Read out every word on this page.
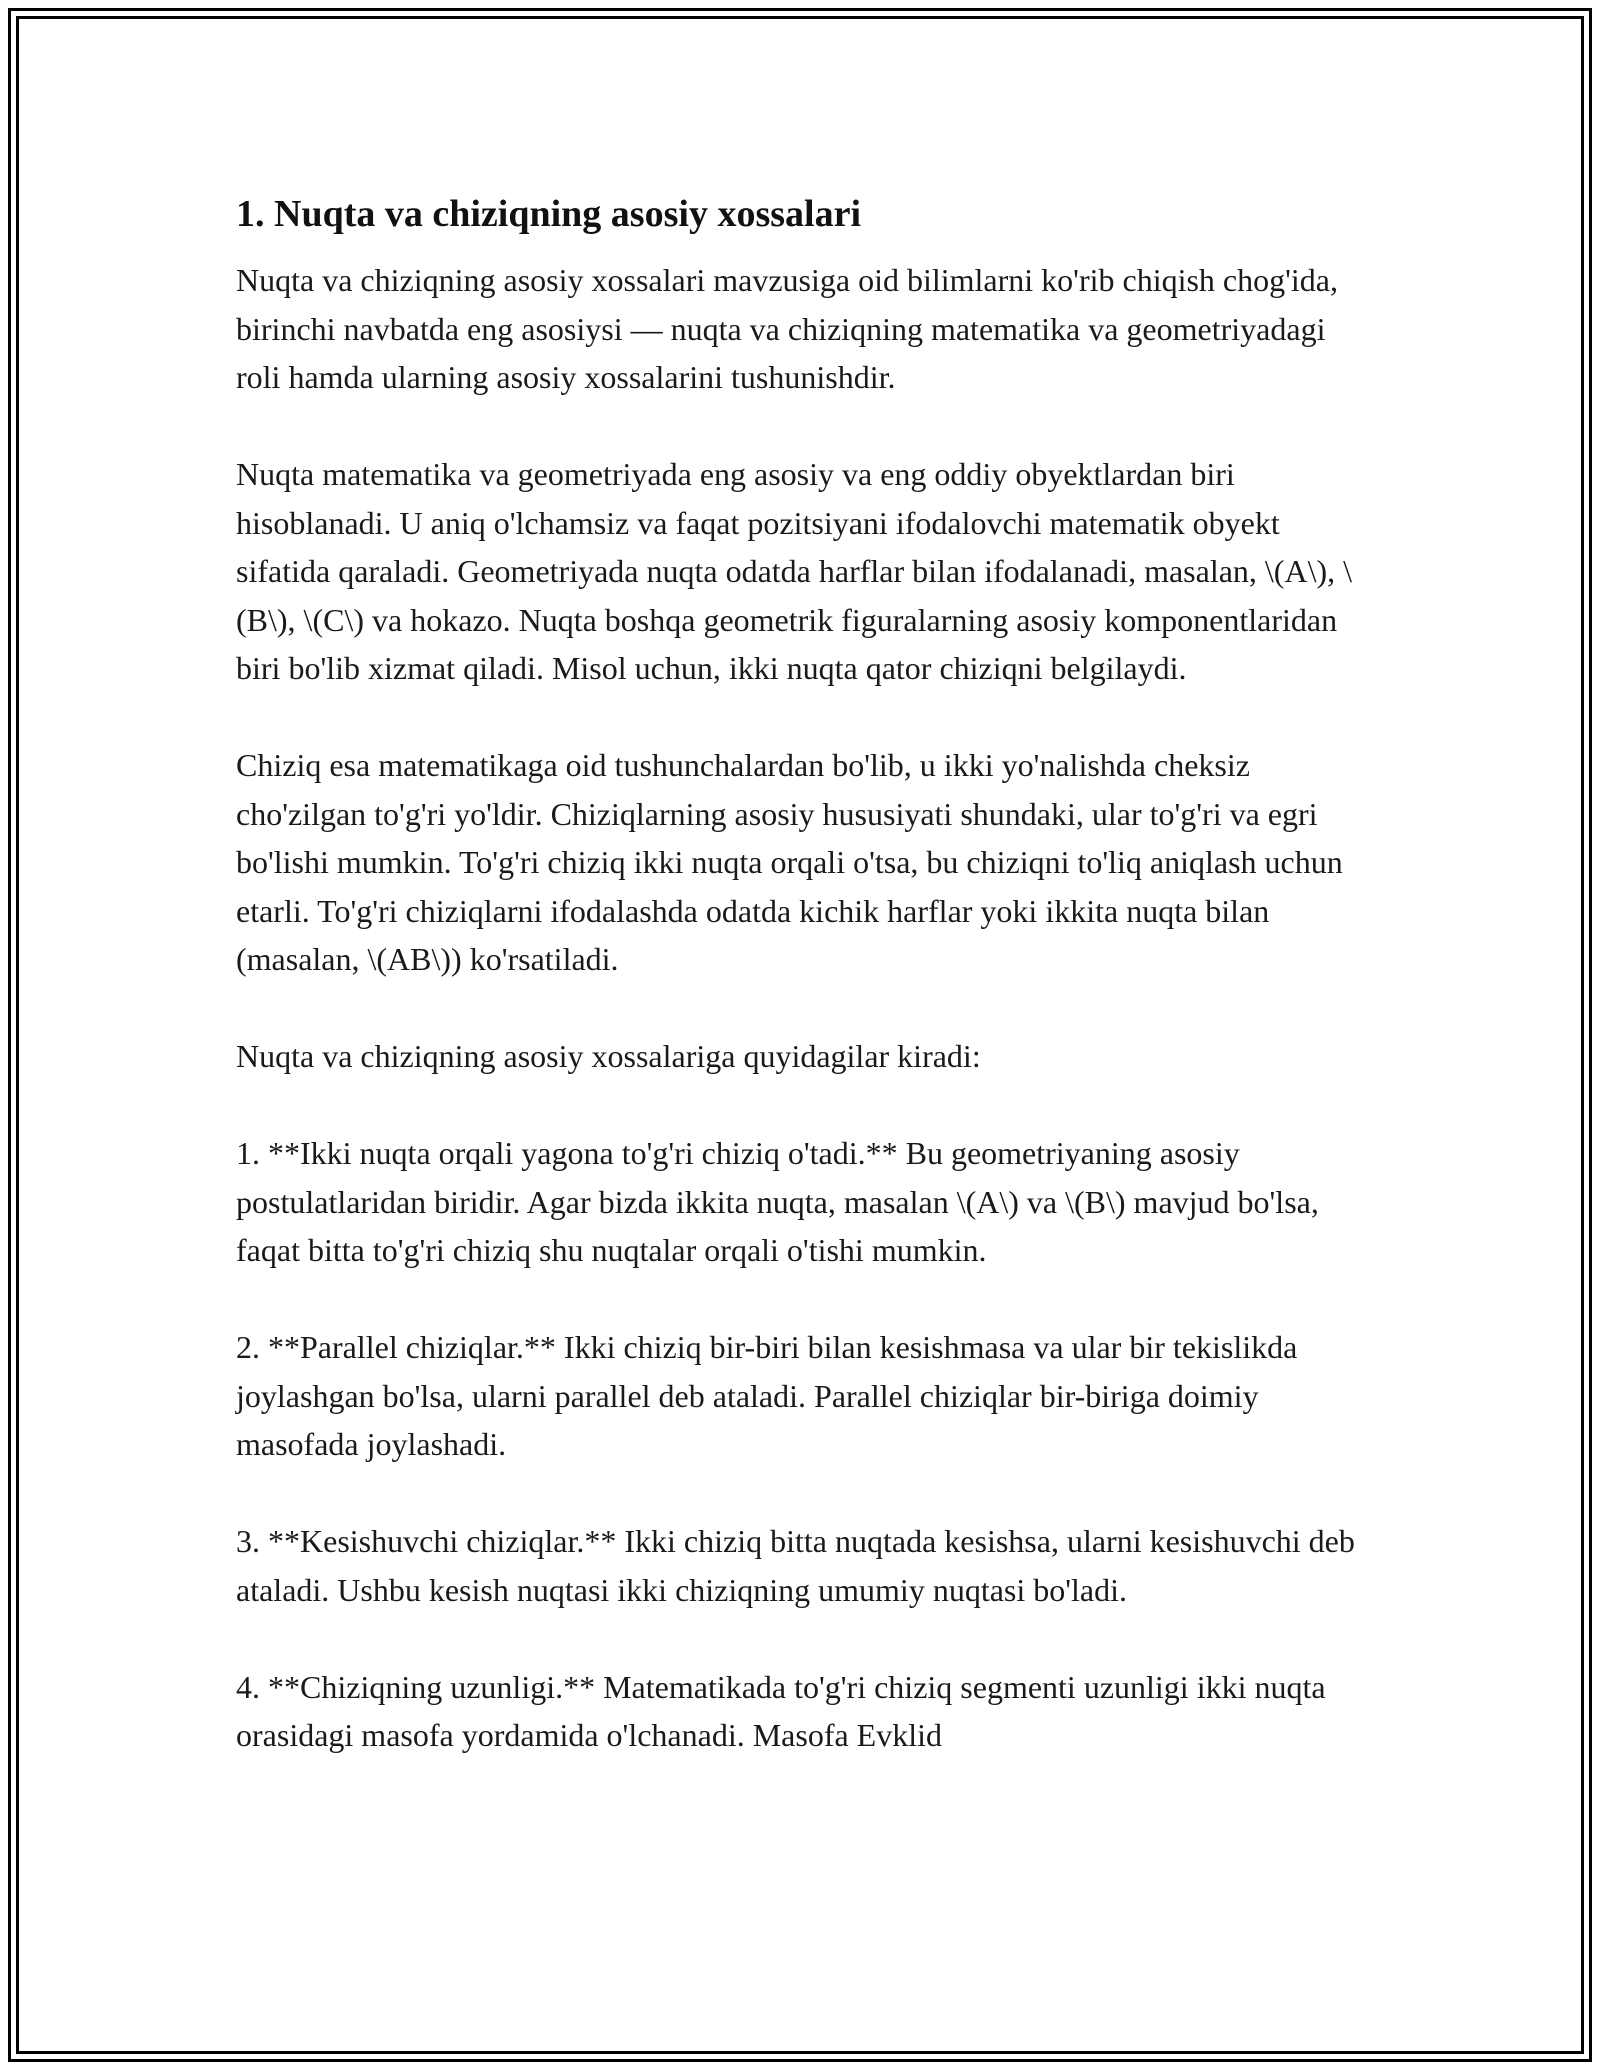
1. Nuqta va chiziqning asosiy xossalari

Nuqta va chiziqning asosiy xossalari mavzusiga oid bilimlarni ko'rib chiqish chog'ida, birinchi navbatda eng asosiysi — nuqta va chiziqning matematika va geometriyadagi roli hamda ularning asosiy xossalarini tushunishdir.

Nuqta matematika va geometriyada eng asosiy va eng oddiy obyektlardan biri hisoblanadi. U aniq o'lchamsiz va faqat pozitsiyani ifodalovchi matematik obyekt sifatida qaraladi. Geometriyada nuqta odatda harflar bilan ifodalanadi, masalan, \(A\), \(B\), \(C\) va hokazo. Nuqta boshqa geometrik figuralarning asosiy komponentlaridan biri bo'lib xizmat qiladi. Misol uchun, ikki nuqta qator chiziqni belgilaydi.

Chiziq esa matematikaga oid tushunchalardan bo'lib, u ikki yo'nalishda cheksiz cho'zilgan to'g'ri yo'ldir. Chiziqlarning asosiy hususiyati shundaki, ular to'g'ri va egri bo'lishi mumkin. To'g'ri chiziq ikki nuqta orqali o'tsa, bu chiziqni to'liq aniqlash uchun etarli. To'g'ri chiziqlarni ifodalashda odatda kichik harflar yoki ikkita nuqta bilan (masalan, \(AB\)) ko'rsatiladi.

Nuqta va chiziqning asosiy xossalariga quyidagilar kiradi:

1. **Ikki nuqta orqali yagona to'g'ri chiziq o'tadi.** Bu geometriyaning asosiy postulatlaridan biridir. Agar bizda ikkita nuqta, masalan \(A\) va \(B\) mavjud bo'lsa, faqat bitta to'g'ri chiziq shu nuqtalar orqali o'tishi mumkin.

2. **Parallel chiziqlar.** Ikki chiziq bir-biri bilan kesishmasa va ular bir tekislikda joylashgan bo'lsa, ularni parallel deb ataladi. Parallel chiziqlar bir-biriga doimiy masofada joylashadi.

3. **Kesishuvchi chiziqlar.** Ikki chiziq bitta nuqtada kesishsa, ularni kesishuvchi deb ataladi. Ushbu kesish nuqtasi ikki chiziqning umumiy nuqtasi bo'ladi.

4. **Chiziqning uzunligi.** Matematikada to'g'ri chiziq segmenti uzunligi ikki nuqta orasidagi masofa yordamida o'lchanadi. Masofa Evklid
